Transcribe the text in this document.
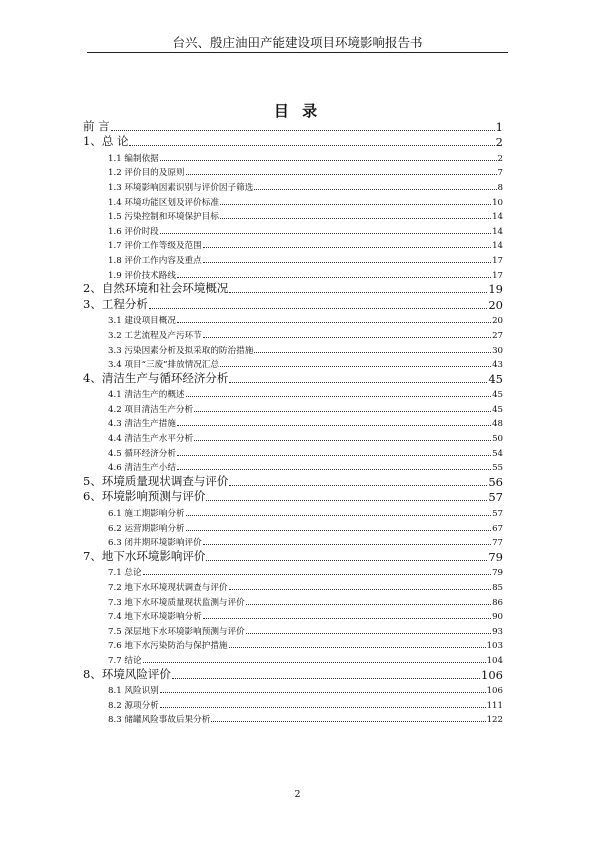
台兴、殷庄油田产能建设项目环境影响报告书
目 录
前 言	1
1、总 论	2
1.1 编制依据	2
1.2 评价目的及原则	7
1.3 环境影响因素识别与评价因子筛选	8
1.4 环境功能区划及评价标准	10
1.5 污染控制和环境保护目标	14
1.6 评价时段	14
1.7 评价工作等级及范围	14
1.8 评价工作内容及重点	17
1.9 评价技术路线	17
2、自然环境和社会环境概况	19
3、工程分析	20
3.1 建设项目概况	20
3.2 工艺流程及产污环节	27
3.3 污染因素分析及拟采取的防治措施	30
3.4 项目“三废”排放情况汇总	43
4、清洁生产与循环经济分析	45
4.1 清洁生产的概述	45
4.2 项目清洁生产分析	45
4.3 清洁生产措施	48
4.4 清洁生产水平分析	50
4.5 循环经济分析	54
4.6 清洁生产小结	55
5、环境质量现状调查与评价	56
6、环境影响预测与评价	57
6.1 施工期影响分析	57
6.2 运营期影响分析	67
6.3 闭井期环境影响评价	77
7、地下水环境影响评价	79
7.1 总论	79
7.2 地下水环境现状调查与评价	85
7.3 地下水环境质量现状监测与评价	86
7.4 地下水环境影响分析	90
7.5 深层地下水环境影响预测与评价	93
7.6 地下水污染防治与保护措施	103
7.7 结论	104
8、环境风险评价	106
8.1 风险识别	106
8.2 源项分析	111
8.3 储罐风险事故后果分析	122
2
